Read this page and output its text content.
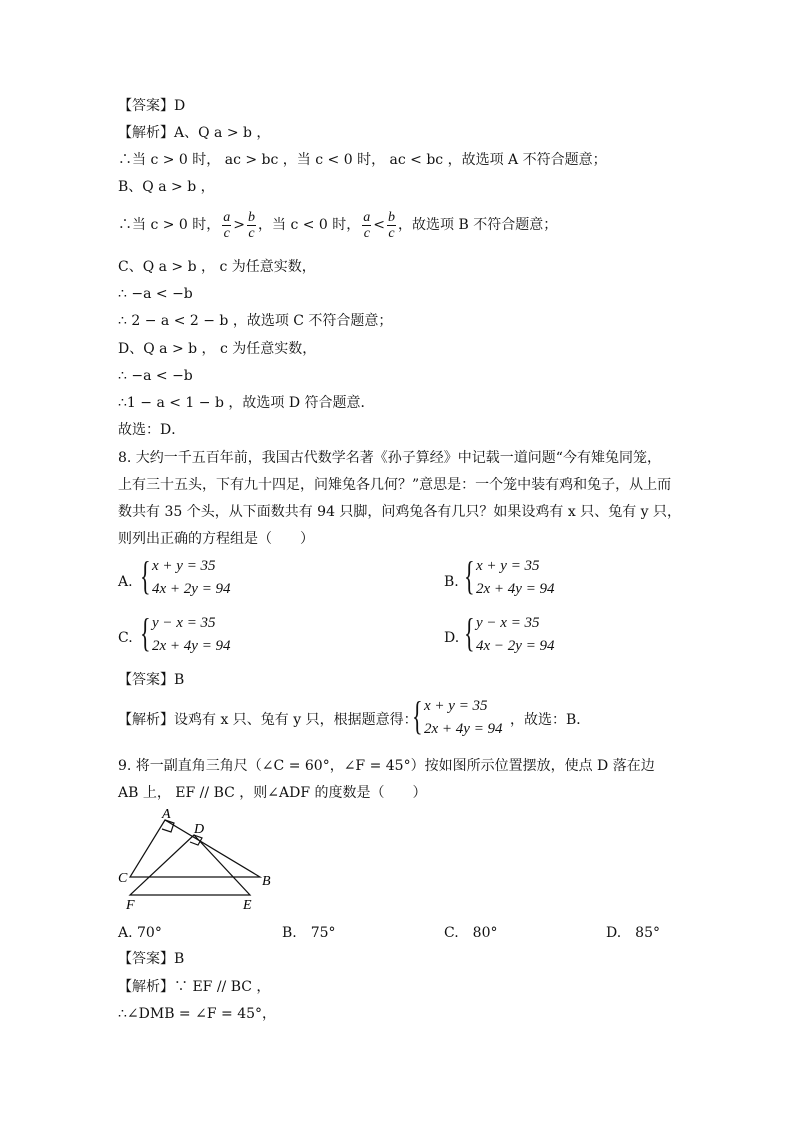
【答案】D
【解析】A、Q a > b ，
∴当 c > 0 时， ac > bc ，当 c < 0 时， ac < bc ，故选项 A 不符合题意；
B、Q a > b ，
∴当 c > 0 时， $\frac{a}{c} > \frac{b}{c}$ ，当 c < 0 时， $\frac{a}{c} < \frac{b}{c}$ ，故选项 B 不符合题意；
C、Q a > b ， c 为任意实数，
∴ −a < −b
∴ 2 − a < 2 − b ，故选项 C 不符合题意；
D、Q a > b ， c 为任意实数，
∴ −a < −b
∴1 − a < 1 − b ，故选项 D 符合题意．
故选：D．
8. 大约一千五百年前，我国古代数学名著《孙子算经》中记载一道问题“今有雉兔同笼，
上有三十五头，下有九十四足，问雉兔各几何？”意思是：一个笼中装有鸡和兔子，从上而
数共有 35 个头，从下面数共有 94 只脚，问鸡兔各有几只？如果设鸡有 x 只、兔有 y 只，
则列出正确的方程组是（　　）
A. { x + y = 35
4x + 2y = 94	B. { x + y = 35
2x + 4y = 94
C. { y − x = 35
2x + 4y = 94	D. { y − x = 35
4x − 2y = 94
【答案】B
【解析】设鸡有 x 只、兔有 y 只，根据题意得：
{ x + y = 35
2x + 4y = 94
，故选：B．
9. 将一副直角三角尺（∠C = 60°，∠F = 45°）按如图所示位置摆放，使点 D 落在边
AB 上， EF // BC ，则∠ADF 的度数是（　　）
A
D
C	B
F	E
A. 70°	B.　75°	C.　80°	D.　85°
【答案】B
【解析】∵ EF // BC ，
∴∠DMB = ∠F = 45°，
